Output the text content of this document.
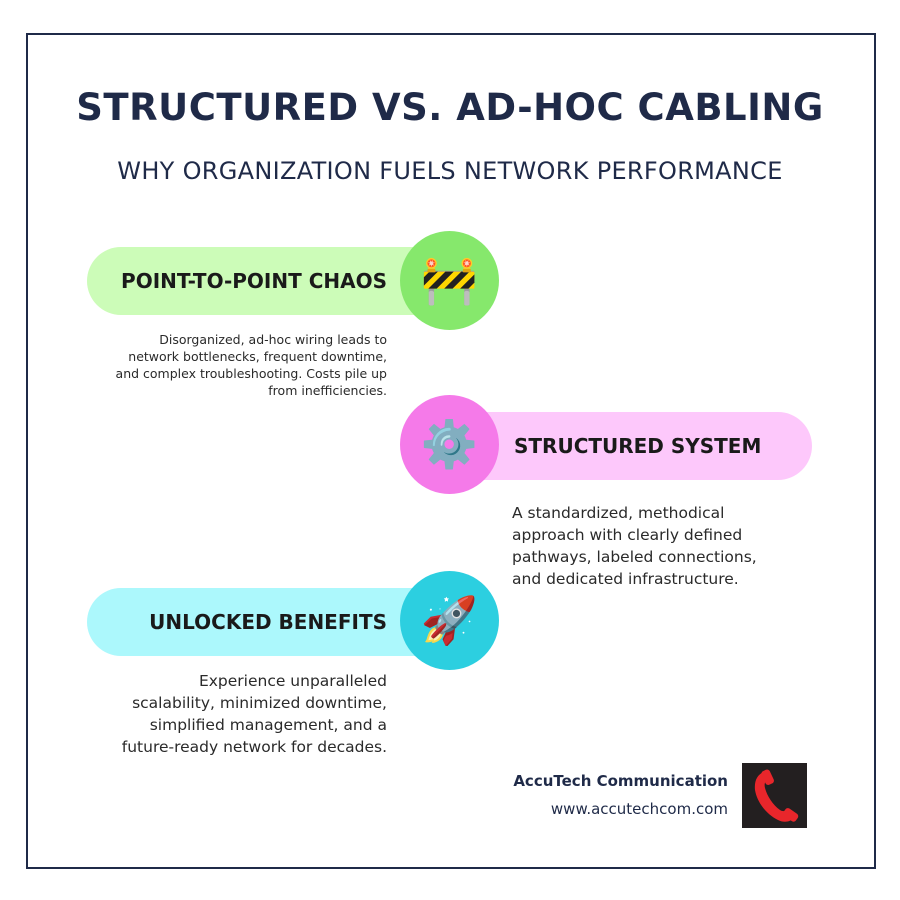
STRUCTURED VS. AD-HOC CABLING
WHY ORGANIZATION FUELS NETWORK PERFORMANCE
POINT-TO-POINT CHAOS 🚧
Disorganized, ad-hoc wiring leads to network bottlenecks, frequent downtime, and complex troubleshooting. Costs pile up from inefficiencies.
STRUCTURED SYSTEM
⚙️
A standardized, methodical approach with clearly defined pathways, labeled connections, and dedicated infrastructure.
UNLOCKED BENEFITS 🚀
Experience unparalleled scalability, minimized downtime, simplified management, and a future-ready network for decades.
AccuTech Communication
www.accutechcom.com
